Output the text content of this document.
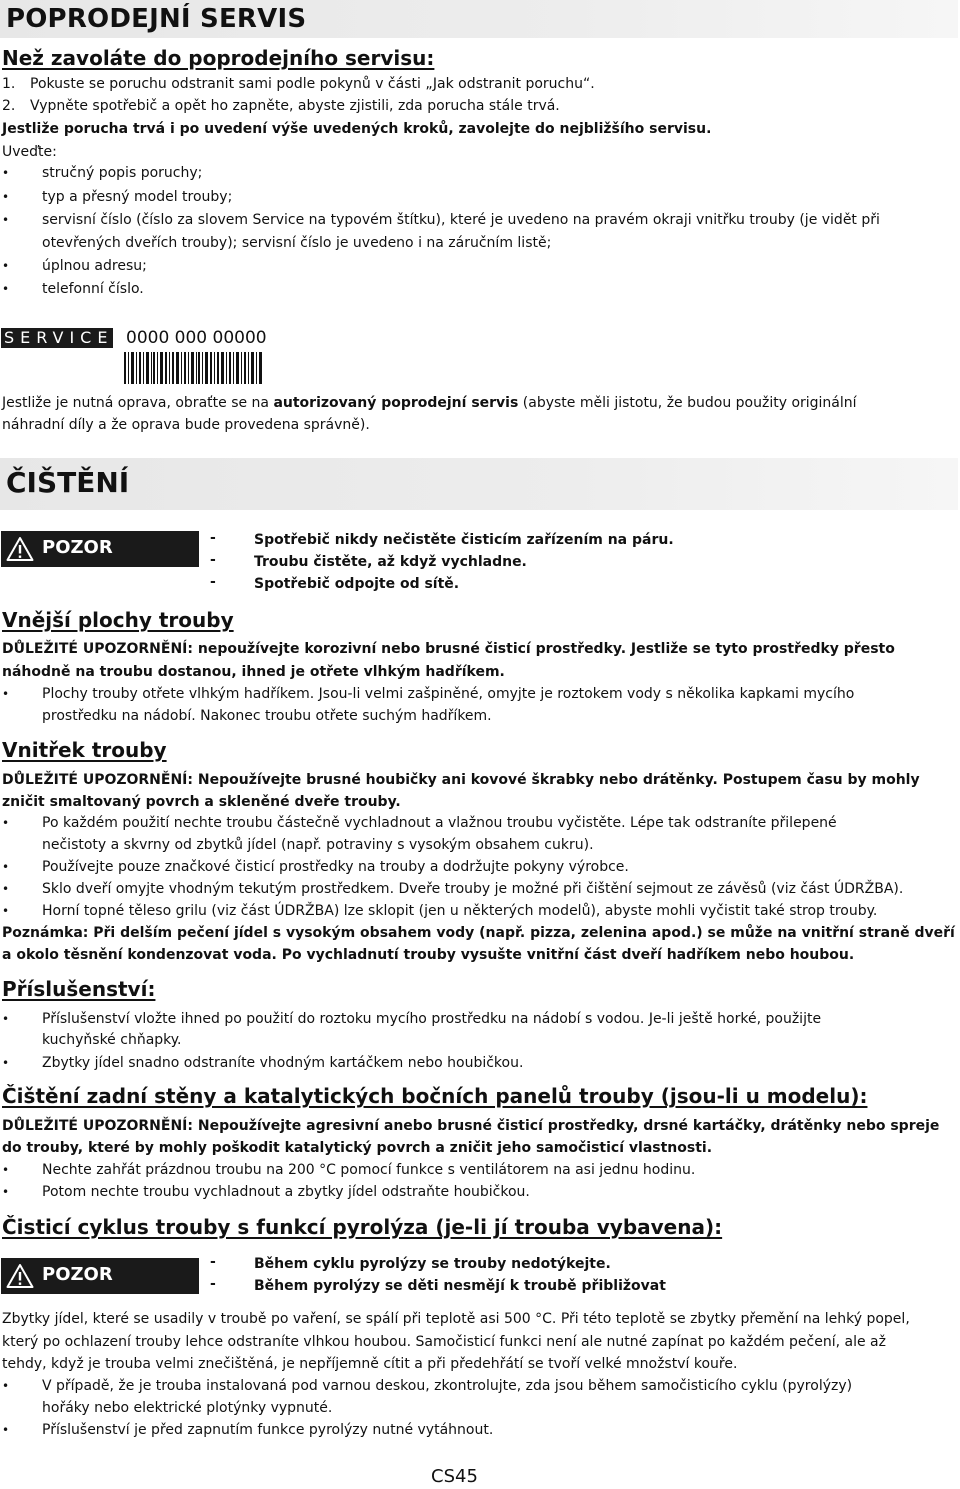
POPRODEJNÍ SERVIS
Než zavoláte do poprodejního servisu:
1. Pokuste se poruchu odstranit sami podle pokynů v části „Jak odstranit poruchu“.
2. Vypněte spotřebič a opět ho zapněte, abyste zjistili, zda porucha stále trvá.
Jestliže porucha trvá i po uvedení výše uvedených kroků, zavolejte do nejbližšího servisu.
Uveďte:
• stručný popis poruchy;
• typ a přesný model trouby;
• servisní číslo (číslo za slovem Service na typovém štítku), které je uvedeno na pravém okraji vnitřku trouby (je vidět při
otevřených dveřích trouby); servisní číslo je uvedeno i na záručním listě;
• úplnou adresu;
• telefonní číslo.
SERVICE 0000 000 00000
Jestliže je nutná oprava, obraťte se na autorizovaný poprodejní servis (abyste měli jistotu, že budou použity originální
náhradní díly a že oprava bude provedena správně).
ČIŠTĚNÍ
POZOR	-	Spotřebič nikdy nečistěte čisticím zařízením na páru.
-	Troubu čistěte, až když vychladne.
-	Spotřebič odpojte od sítě.
Vnější plochy trouby
DŮLEŽITÉ UPOZORNĚNÍ: nepoužívejte korozivní nebo brusné čisticí prostředky. Jestliže se tyto prostředky přesto
náhodně na troubu dostanou, ihned je otřete vlhkým hadříkem.
• Plochy trouby otřete vlhkým hadříkem. Jsou-li velmi zašpiněné, omyjte je roztokem vody s několika kapkami mycího
prostředku na nádobí. Nakonec troubu otřete suchým hadříkem.
Vnitřek trouby
DŮLEŽITÉ UPOZORNĚNÍ: Nepoužívejte brusné houbičky ani kovové škrabky nebo drátěnky. Postupem času by mohly
zničit smaltovaný povrch a skleněné dveře trouby.
• Po každém použití nechte troubu částečně vychladnout a vlažnou troubu vyčistěte. Lépe tak odstraníte přilepené
nečistoty a skvrny od zbytků jídel (např. potraviny s vysokým obsahem cukru).
• Používejte pouze značkové čisticí prostředky na trouby a dodržujte pokyny výrobce.
• Sklo dveří omyjte vhodným tekutým prostředkem. Dveře trouby je možné při čištění sejmout ze závěsů (viz část ÚDRŽBA).
• Horní topné těleso grilu (viz část ÚDRŽBA) lze sklopit (jen u některých modelů), abyste mohli vyčistit také strop trouby.
Poznámka: Při delším pečení jídel s vysokým obsahem vody (např. pizza, zelenina apod.) se může na vnitřní straně dveří
a okolo těsnění kondenzovat voda. Po vychladnutí trouby vysušte vnitřní část dveří hadříkem nebo houbou.
Příslušenství:
• Příslušenství vložte ihned po použití do roztoku mycího prostředku na nádobí s vodou. Je-li ještě horké, použijte
kuchyňské chňapky.
• Zbytky jídel snadno odstraníte vhodným kartáčkem nebo houbičkou.
Čištění zadní stěny a katalytických bočních panelů trouby (jsou-li u modelu):
DŮLEŽITÉ UPOZORNĚNÍ: Nepoužívejte agresivní anebo brusné čisticí prostředky, drsné kartáčky, drátěnky nebo spreje
do trouby, které by mohly poškodit katalytický povrch a zničit jeho samočisticí vlastnosti.
• Nechte zahřát prázdnou troubu na 200 °C pomocí funkce s ventilátorem na asi jednu hodinu.
• Potom nechte troubu vychladnout a zbytky jídel odstraňte houbičkou.
Čisticí cyklus trouby s funkcí pyrolýza (je-li jí trouba vybavena):
POZOR
-	Během cyklu pyrolýzy se trouby nedotýkejte.
-	Během pyrolýzy se děti nesmějí k troubě přibližovat
Zbytky jídel, které se usadily v troubě po vaření, se spálí při teplotě asi 500 °C. Při této teplotě se zbytky přemění na lehký popel,
který po ochlazení trouby lehce odstraníte vlhkou houbou. Samočisticí funkci není ale nutné zapínat po každém pečení, ale až
tehdy, když je trouba velmi znečištěná, je nepříjemně cítit a při předehřátí se tvoří velké množství kouře.
• V případě, že je trouba instalovaná pod varnou deskou, zkontrolujte, zda jsou během samočisticího cyklu (pyrolýzy)
hořáky nebo elektrické plotýnky vypnuté.
• Příslušenství je před zapnutím funkce pyrolýzy nutné vytáhnout.
CS45
